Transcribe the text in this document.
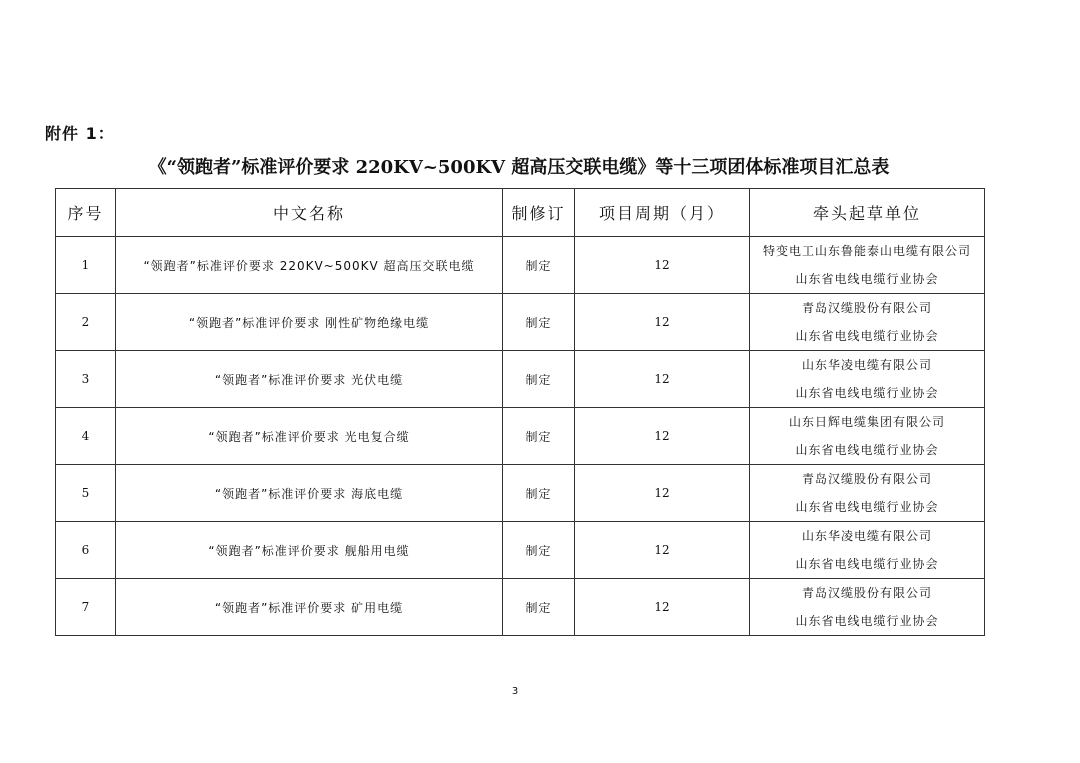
附件 1：
《“领跑者”标准评价要求 220KV~500KV 超高压交联电缆》等十三项团体标准项目汇总表
序号	中文名称	制修订	项目周期（月）	牵头起草单位
1	“领跑者”标准评价要求 220KV~500KV 超高压交联电缆	制定	12	特变电工山东鲁能泰山电缆有限公司
山东省电线电缆行业协会

2	“领跑者”标准评价要求 刚性矿物绝缘电缆	制定	12	青岛汉缆股份有限公司
山东省电线电缆行业协会

3	“领跑者”标准评价要求 光伏电缆	制定	12	山东华凌电缆有限公司
山东省电线电缆行业协会

4	“领跑者”标准评价要求 光电复合缆	制定	12	山东日辉电缆集团有限公司
山东省电线电缆行业协会

5	“领跑者”标准评价要求 海底电缆	制定	12	青岛汉缆股份有限公司
山东省电线电缆行业协会

6	“领跑者”标准评价要求 舰船用电缆	制定	12	山东华凌电缆有限公司
山东省电线电缆行业协会

7	“领跑者”标准评价要求 矿用电缆	制定	12	青岛汉缆股份有限公司
山东省电线电缆行业协会
3
